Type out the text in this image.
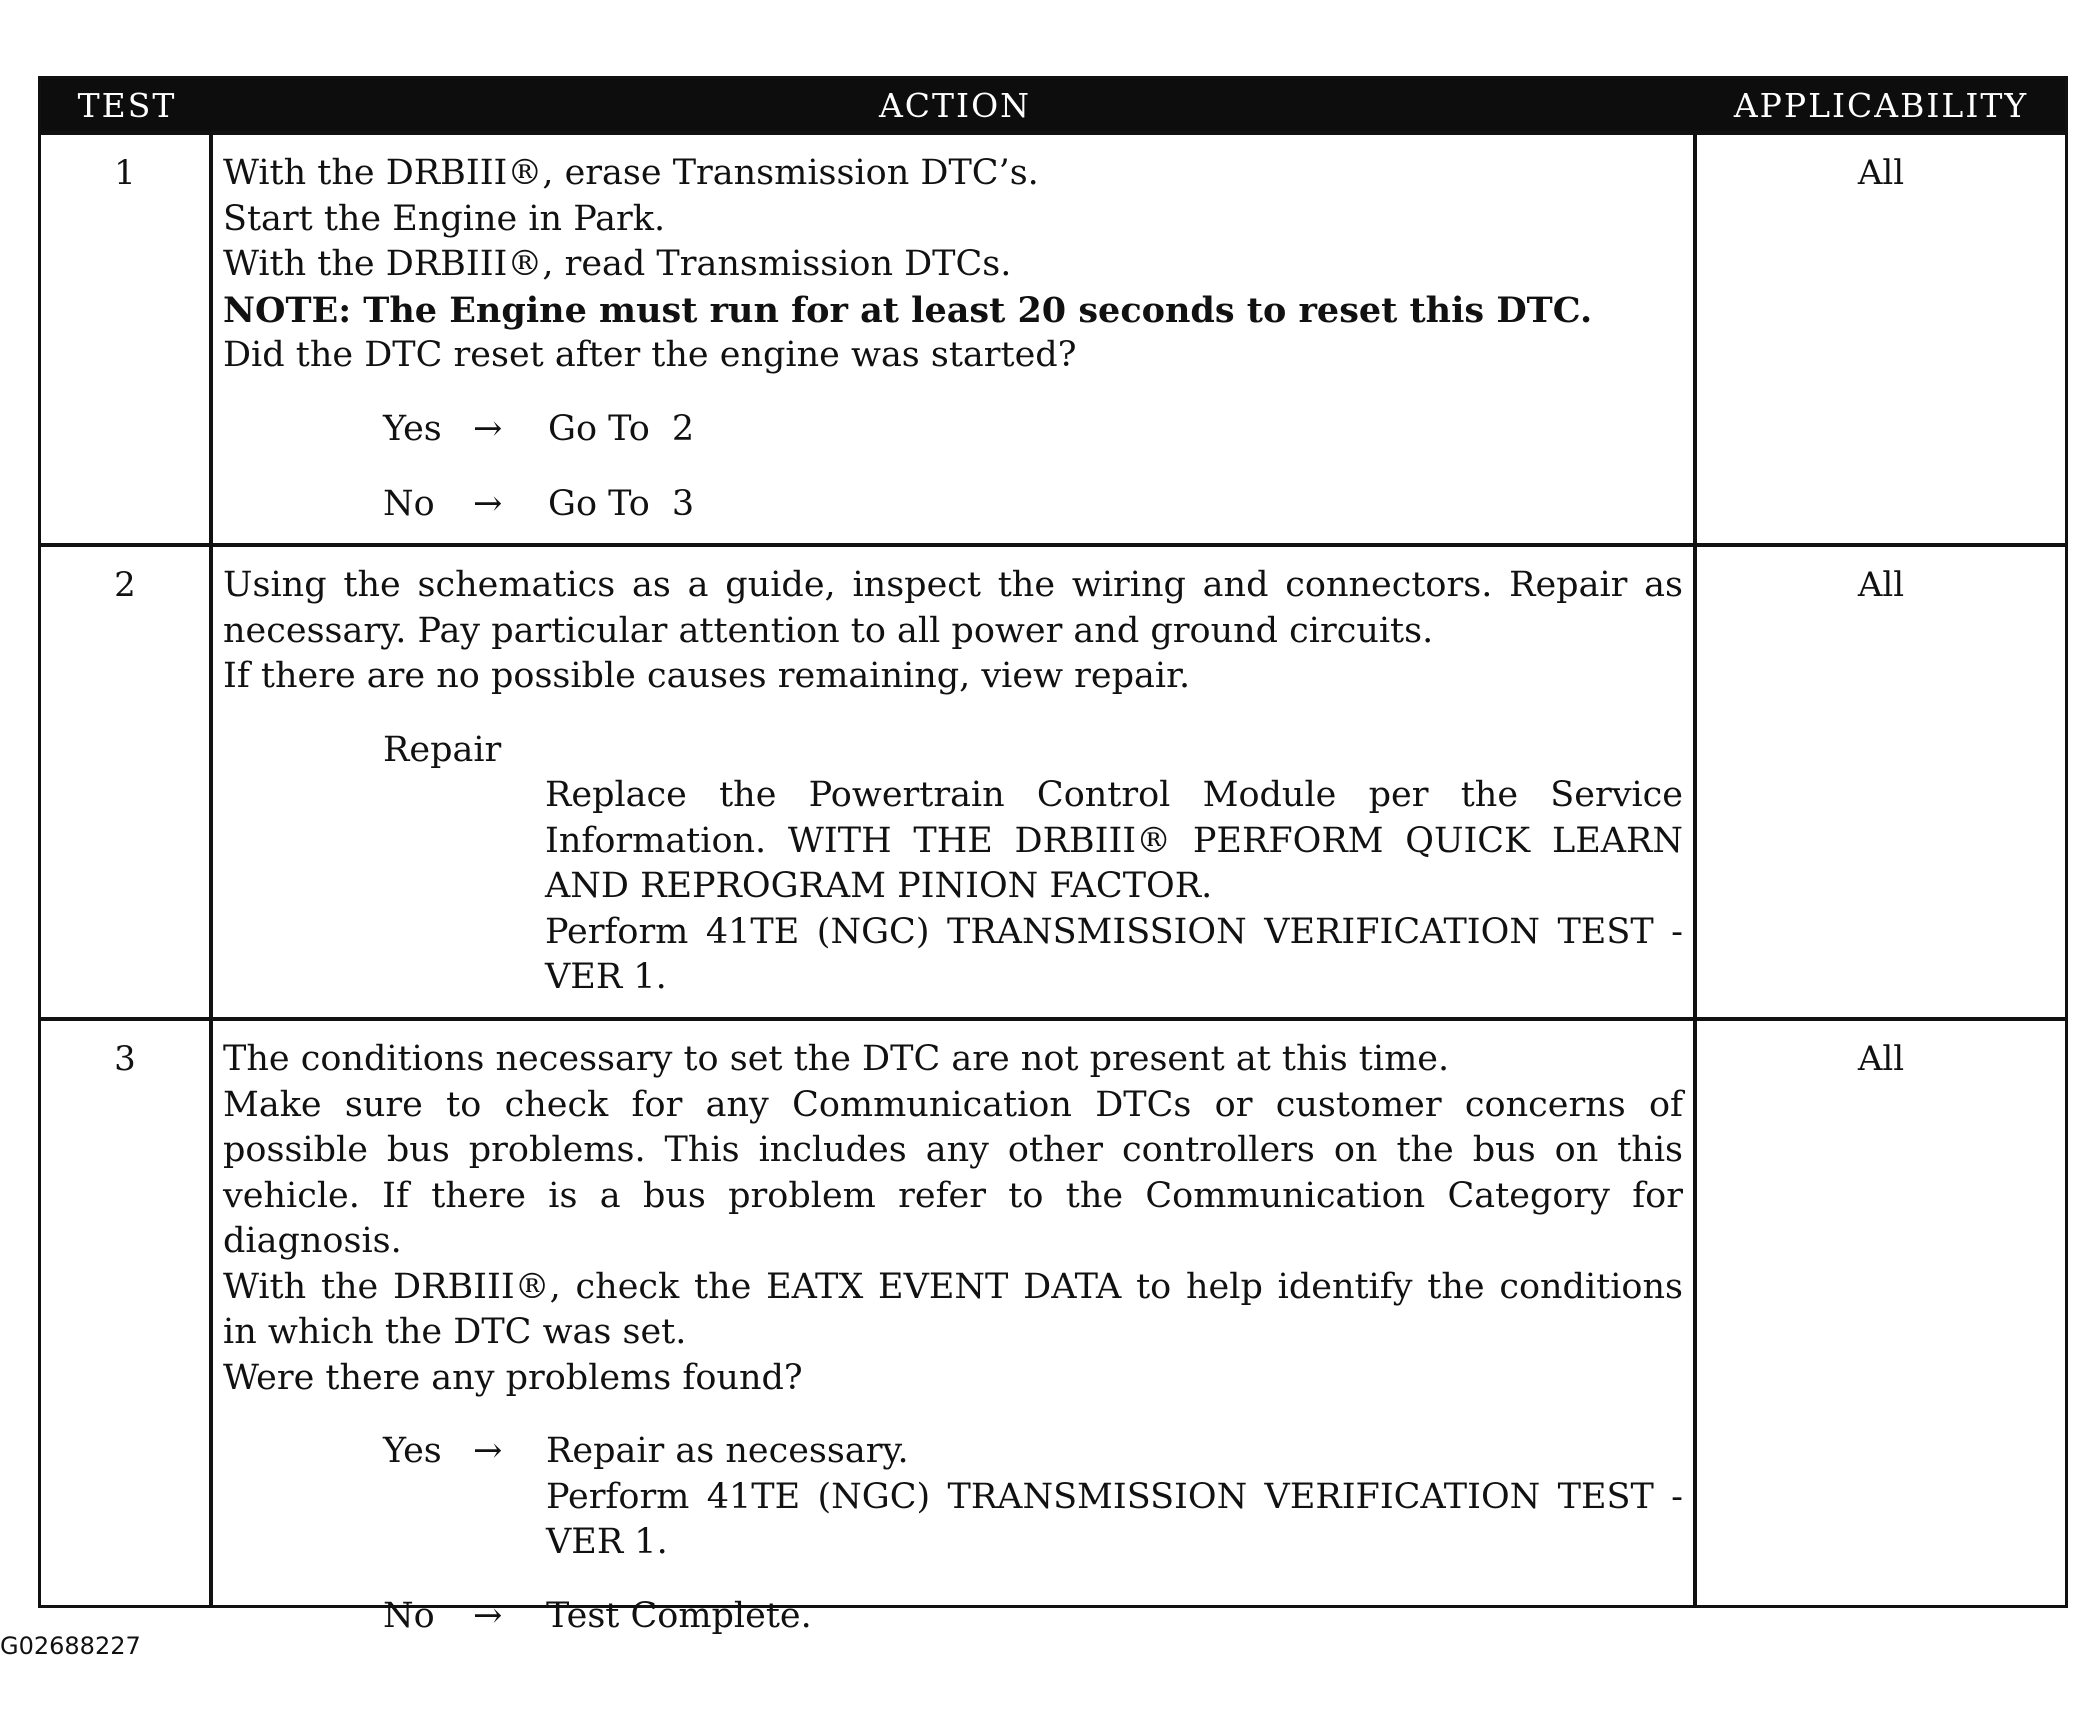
TEST	ACTION	APPLICABILITY
1	With the DRBIII®, erase Transmission DTC’s.
Start the Engine in Park.
With the DRBIII®, read Transmission DTCs.
NOTE: The Engine must run for at least 20 seconds to reset this DTC.
Did the DTC reset after the engine was started?
Yes →	Go To 2
No	→	Go To 3
All
2	Using the schematics as a guide, inspect the wiring and connectors. Repair as necessary. Pay particular attention to all power and ground circuits.
If there are no possible causes remaining, view repair.
Repair
Replace the Powertrain Control Module per the Service Information. WITH THE DRBIII® PERFORM QUICK LEARN AND REPROGRAM PINION FACTOR.
Perform 41TE (NGC) TRANSMISSION VERIFICATION TEST - VER 1.
All
3	The conditions necessary to set the DTC are not present at this time.
Make sure to check for any Communication DTCs or customer concerns of possible bus problems. This includes any other controllers on the bus on this vehicle. If there is a bus problem refer to the Communication Category for diagnosis.
With the DRBIII®, check the EATX EVENT DATA to help identify the conditions in which the DTC was set.
Were there any problems found?
Yes →	Repair as necessary.
Perform 41TE (NGC) TRANSMISSION VERIFICATION TEST - VER 1.
No	→	Test Complete.
All
G02688227
